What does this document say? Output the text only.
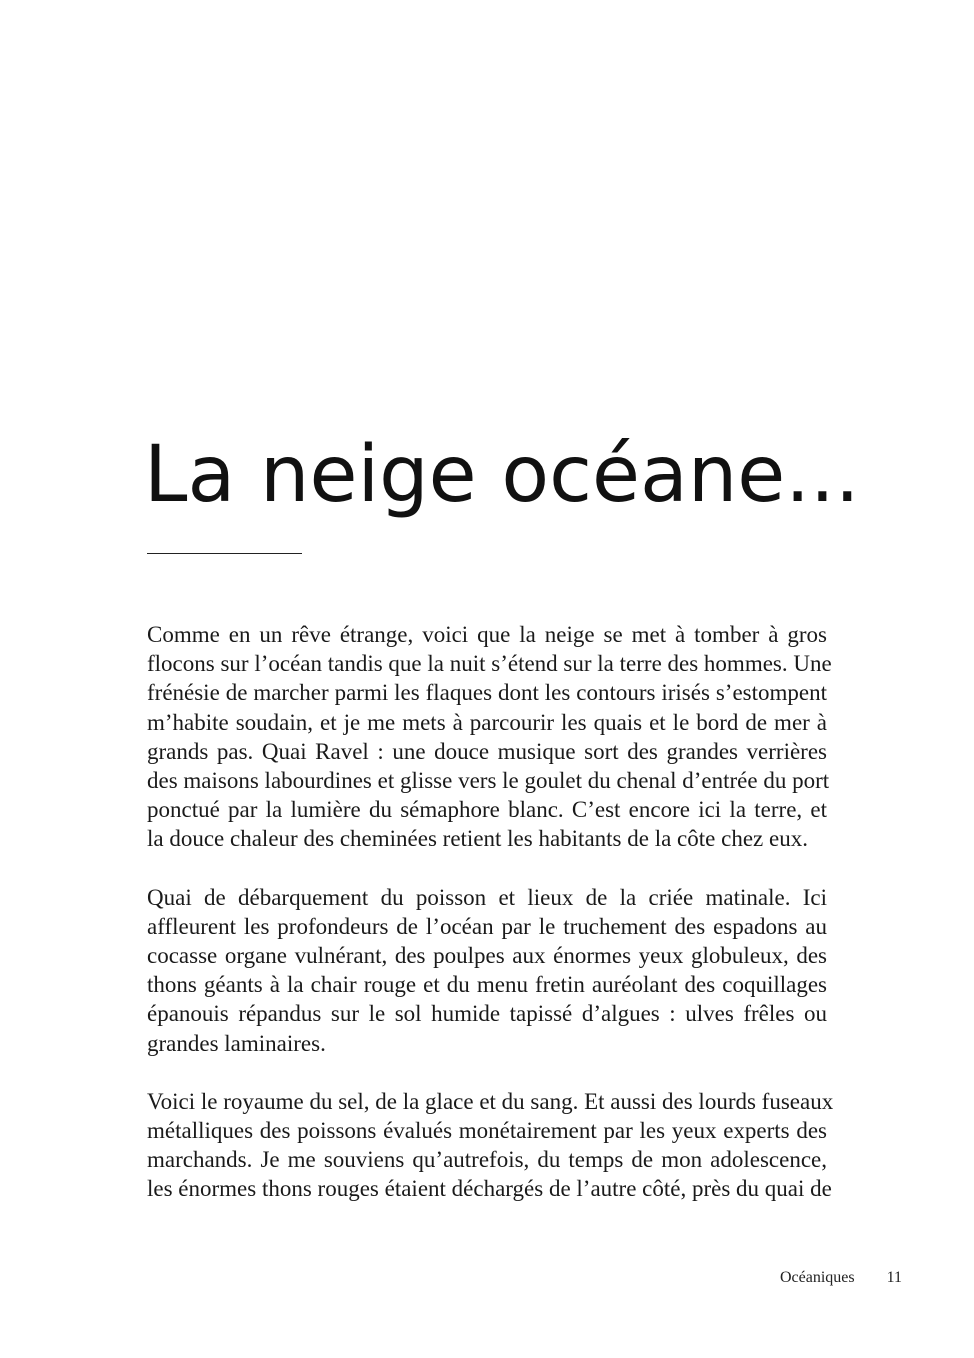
La neige océane...

Comme en un rêve étrange, voici que la neige se met à tomber à gros
flocons sur l’océan tandis que la nuit s’étend sur la terre des hommes. Une
frénésie de marcher parmi les flaques dont les contours irisés s’estompent
m’habite soudain, et je me mets à parcourir les quais et le bord de mer à
grands pas. Quai Ravel : une douce musique sort des grandes verrières
des maisons labourdines et glisse vers le goulet du chenal d’entrée du port
ponctué par la lumière du sémaphore blanc. C’est encore ici la terre, et
la douce chaleur des cheminées retient les habitants de la côte chez eux.

Quai de débarquement du poisson et lieux de la criée matinale. Ici
affleurent les profondeurs de l’océan par le truchement des espadons au
cocasse organe vulnérant, des poulpes aux énormes yeux globuleux, des
thons géants à la chair rouge et du menu fretin auréolant des coquillages
épanouis répandus sur le sol humide tapissé d’algues : ulves frêles ou
grandes laminaires.

Voici le royaume du sel, de la glace et du sang. Et aussi des lourds fuseaux
métalliques des poissons évalués monétairement par les yeux experts des
marchands. Je me souviens qu’autrefois, du temps de mon adolescence,
les énormes thons rouges étaient déchargés de l’autre côté, près du quai de

Océaniques 11
